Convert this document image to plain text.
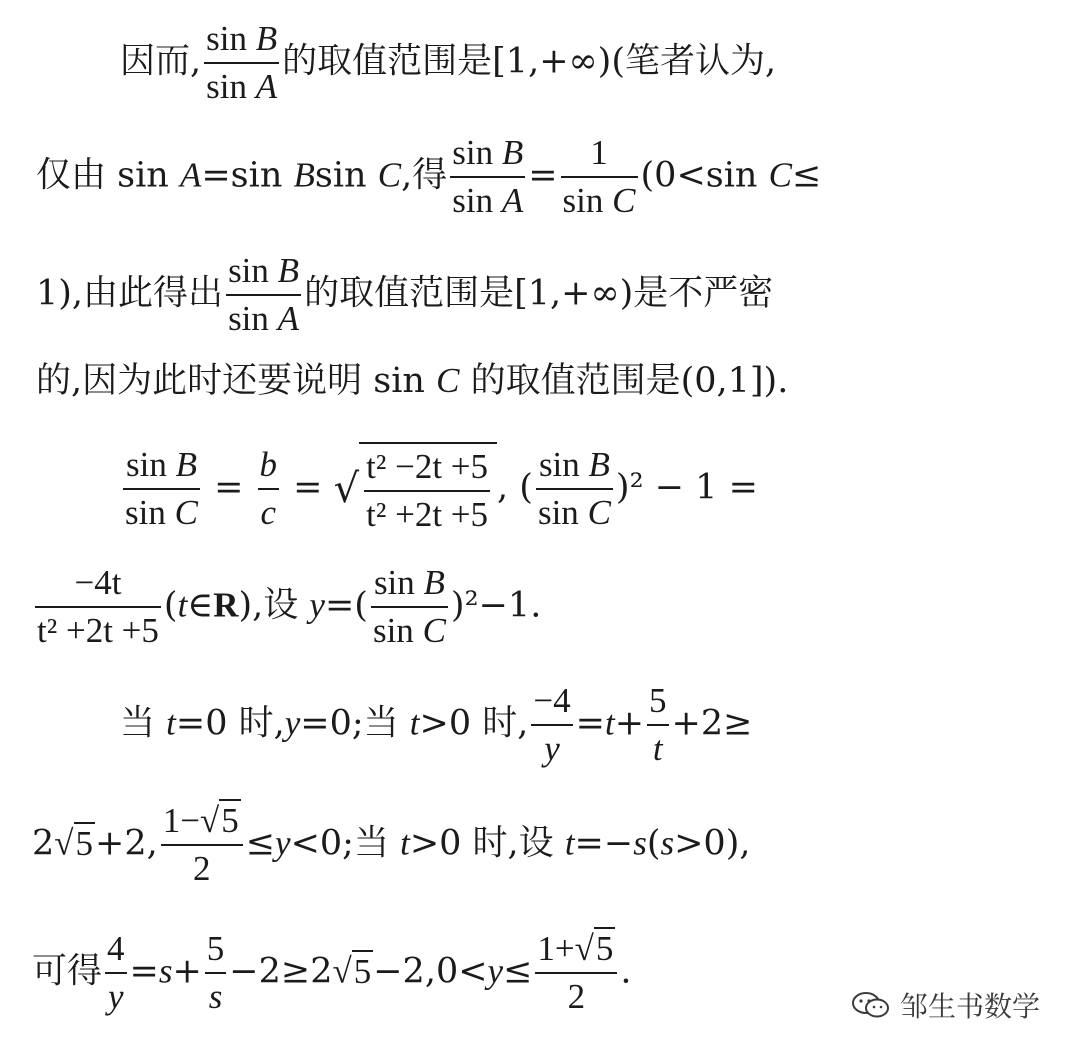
因而, $\frac{\text{sin B}}{\text{sin A}}$ 的取值范围是[1,+∞)(笔者认为,
仅由 sin A=sin Bsin C,得 $\frac{\text{sin B}}{\text{sin A}} = \frac{1}{\text{sin C}} (0<\sin$ C≤
1),由此得出 $\frac{\text{sin B}}{\text{sin A}}$ 的取值范围是[1,+∞)是不严密
的,因为此时还要说明 sin C 的取值范围是(0,1]).
$\frac{\text{sin B}}{\text{sin C}} = \frac{b}{c}$ = √ $\frac{\text{t² −2t +5}}{\text{t² +2t +5}}$ , ( $\frac{\text{sin B}}{\text{sin C}} )^2 - 1$ =
$\frac{-4t}{\text{t² +2t +5}}$ (t∈R),设 $y=( \frac{\text{sin B}}{\text{sin C}} )^2-1$.
当 t=0 时,y=0;当 t>0 时, $\frac{-4}{y} =t+ \frac{5}{t} +2\ge$
2√5+2, $\frac{1-√5}{2} \le y<0$;当 t>0 时,设 t=−s(s>0),
可得 $\frac{4}{y} =s+ \frac{5}{s} -2\ge 2√5-2,0<y\le \frac{1+√5}{2}$ .
邹生书数学
